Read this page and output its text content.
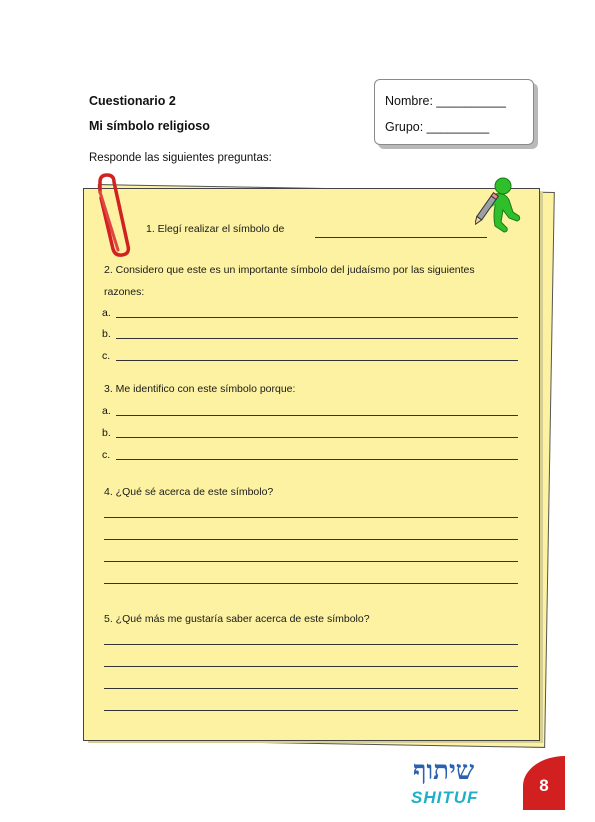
Cuestionario 2
Mi símbolo religioso
Nombre: __________
Grupo: _________
Responde las siguientes preguntas:
1. Elegí realizar el símbolo de
2. Considero que este es un importante símbolo del judaísmo por las siguientes
razones:
a.
b.
c.
3. Me identifico con este símbolo porque:
a.
b.
c.
4. ¿Qué sé acerca de este símbolo?
5. ¿Qué más me gustaría saber acerca de este símbolo?
שיתוף
SHITUF
8
